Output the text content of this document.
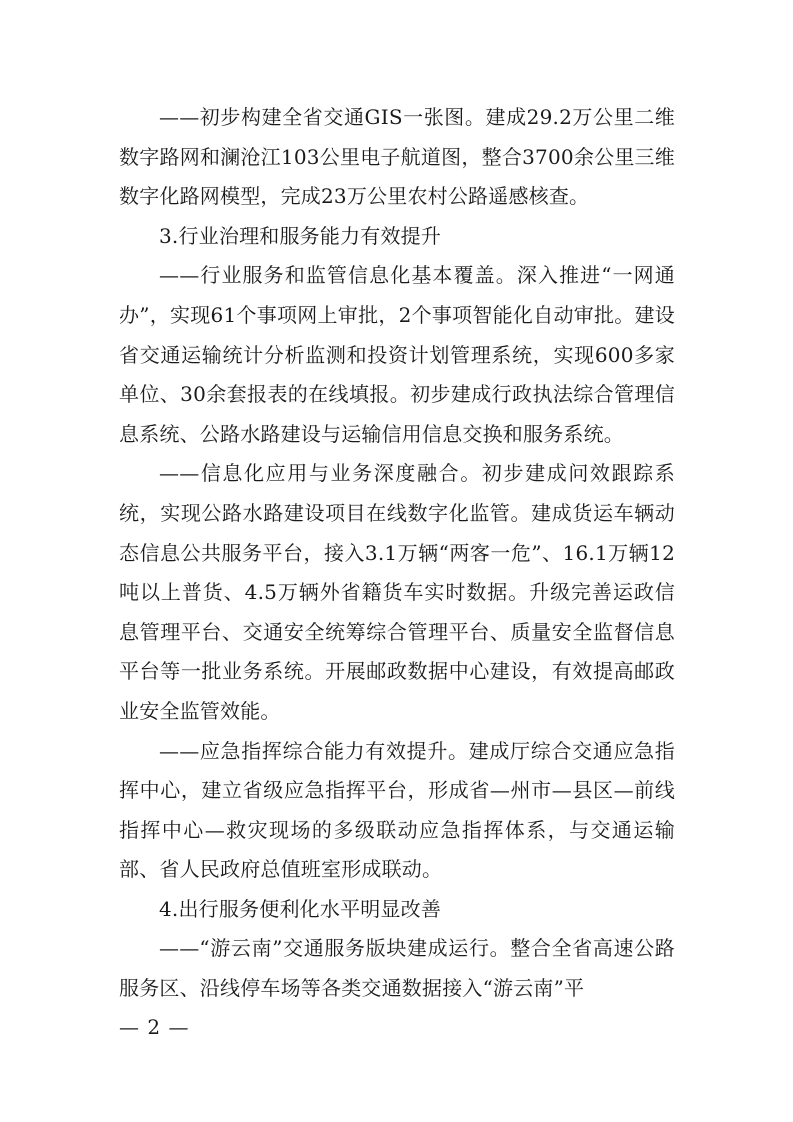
——初步构建全省交通GIS一张图。建成29.2万公里二维数字路网和澜沧江103公里电子航道图，整合3700余公里三维数字化路网模型，完成23万公里农村公路遥感核查。

3.行业治理和服务能力有效提升

——行业服务和监管信息化基本覆盖。深入推进“一网通办”，实现61个事项网上审批，2个事项智能化自动审批。建设省交通运输统计分析监测和投资计划管理系统，实现600多家单位、30余套报表的在线填报。初步建成行政执法综合管理信息系统、公路水路建设与运输信用信息交换和服务系统。

——信息化应用与业务深度融合。初步建成问效跟踪系统，实现公路水路建设项目在线数字化监管。建成货运车辆动态信息公共服务平台，接入3.1万辆“两客一危”、16.1万辆12吨以上普货、4.5万辆外省籍货车实时数据。升级完善运政信息管理平台、交通安全统筹综合管理平台、质量安全监督信息平台等一批业务系统。开展邮政数据中心建设，有效提高邮政业安全监管效能。

——应急指挥综合能力有效提升。建成厅综合交通应急指挥中心，建立省级应急指挥平台，形成省—州市—县区—前线指挥中心—救灾现场的多级联动应急指挥体系，与交通运输部、省人民政府总值班室形成联动。

4.出行服务便利化水平明显改善

——“游云南”交通服务版块建成运行。整合全省高速公路服务区、沿线停车场等各类交通数据接入“游云南”平

— 2 —
